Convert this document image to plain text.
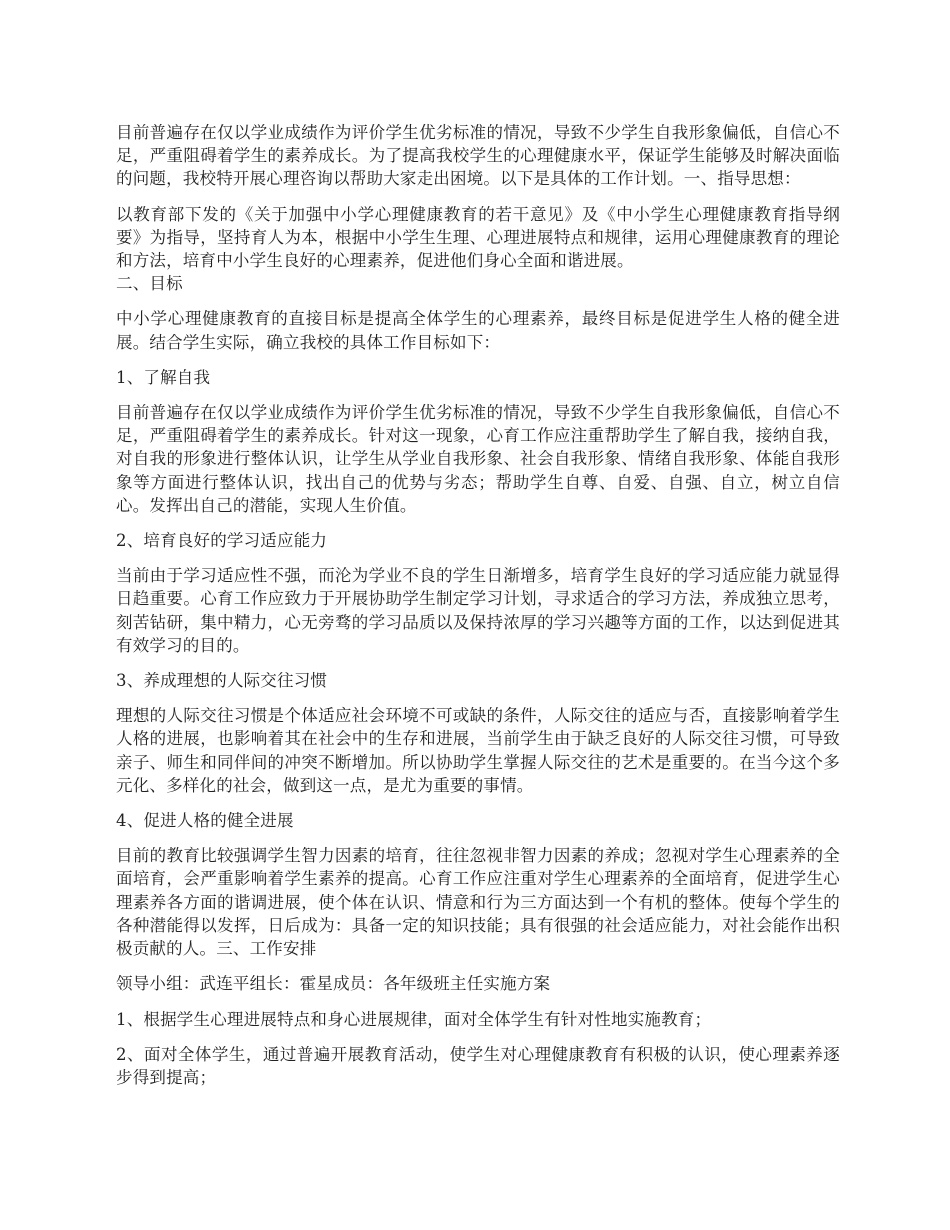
目前普遍存在仅以学业成绩作为评价学生优劣标准的情况，导致不少学生自我形象偏低，自信心不足，严重阻碍着学生的素养成长。为了提高我校学生的心理健康水平，保证学生能够及时解决面临的问题，我校特开展心理咨询以帮助大家走出困境。以下是具体的工作计划。一、指导思想：

以教育部下发的《关于加强中小学心理健康教育的若干意见》及《中小学生心理健康教育指导纲要》为指导，坚持育人为本，根据中小学生生理、心理进展特点和规律，运用心理健康教育的理论和方法，培育中小学生良好的心理素养，促进他们身心全面和谐进展。

二、目标

中小学心理健康教育的直接目标是提高全体学生的心理素养，最终目标是促进学生人格的健全进展。结合学生实际，确立我校的具体工作目标如下：

1、了解自我

目前普遍存在仅以学业成绩作为评价学生优劣标准的情况，导致不少学生自我形象偏低，自信心不足，严重阻碍着学生的素养成长。针对这一现象，心育工作应注重帮助学生了解自我，接纳自我，对自我的形象进行整体认识，让学生从学业自我形象、社会自我形象、情绪自我形象、体能自我形象等方面进行整体认识，找出自己的优势与劣态；帮助学生自尊、自爱、自强、自立，树立自信心。发挥出自己的潜能，实现人生价值。

2、培育良好的学习适应能力

当前由于学习适应性不强，而沦为学业不良的学生日渐增多，培育学生良好的学习适应能力就显得日趋重要。心育工作应致力于开展协助学生制定学习计划，寻求适合的学习方法，养成独立思考，刻苦钻研，集中精力，心无旁骛的学习品质以及保持浓厚的学习兴趣等方面的工作，以达到促进其有效学习的目的。

3、养成理想的人际交往习惯

理想的人际交往习惯是个体适应社会环境不可或缺的条件，人际交往的适应与否，直接影响着学生人格的进展，也影响着其在社会中的生存和进展，当前学生由于缺乏良好的人际交往习惯，可导致亲子、师生和同伴间的冲突不断增加。所以协助学生掌握人际交往的艺术是重要的。在当今这个多元化、多样化的社会，做到这一点，是尤为重要的事情。

4、促进人格的健全进展

目前的教育比较强调学生智力因素的培育，往往忽视非智力因素的养成；忽视对学生心理素养的全面培育，会严重影响着学生素养的提高。心育工作应注重对学生心理素养的全面培育，促进学生心理素养各方面的谐调进展，使个体在认识、情意和行为三方面达到一个有机的整体。使每个学生的各种潜能得以发挥，日后成为：具备一定的知识技能；具有很强的社会适应能力，对社会能作出积极贡献的人。三、工作安排

领导小组：武连平组长：霍星成员：各年级班主任实施方案

1、根据学生心理进展特点和身心进展规律，面对全体学生有针对性地实施教育；

2、面对全体学生，通过普遍开展教育活动，使学生对心理健康教育有积极的认识，使心理素养逐步得到提高；
